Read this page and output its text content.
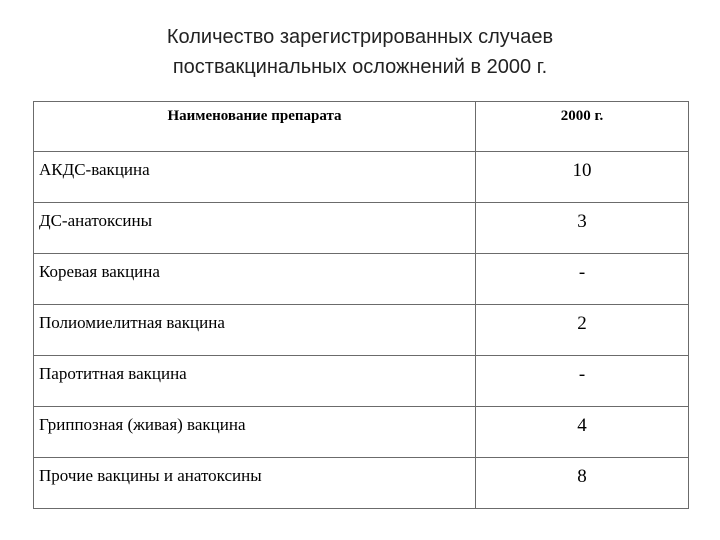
Количество зарегистрированных случаев
поствакцинальных осложнений в 2000 г.
Наименование препарата	2000 г.
АКДС-вакцина	10
ДС-анатоксины	3
Коревая вакцина	-
Полиомиелитная вакцина	2
Паротитная вакцина	-
Гриппозная (живая) вакцина	4
Прочие вакцины и анатоксины	8
